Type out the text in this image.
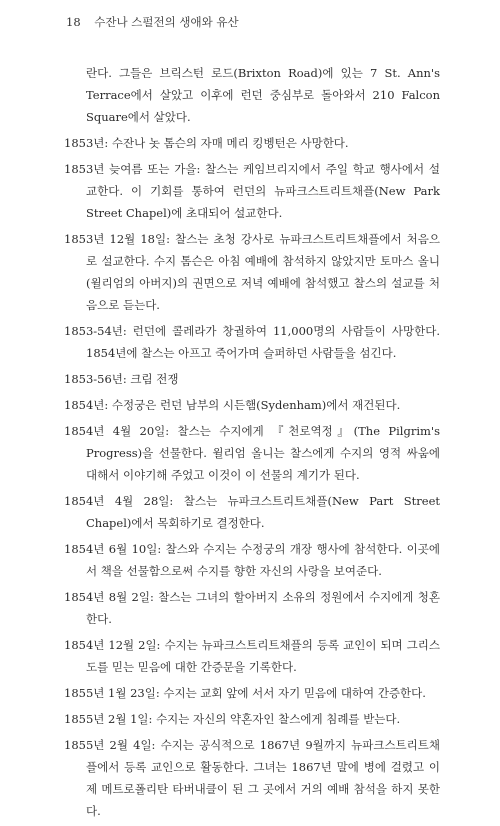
18 수잔나 스펄전의 생애와 유산

란다. 그들은 브릭스턴 로드(Brixton Road)에 있는 7 St. Ann's Terrace에서 살았고 이후에 런던 중심부로 돌아와서 210 Falcon Square에서 살았다.

1853년: 수잔나 놋 톰슨의 자매 메리 킹벵턴은 사망한다.

1853년 늦여름 또는 가을: 찰스는 케임브리지에서 주일 학교 행사에서 설교한다. 이 기회를 통하여 런던의 뉴파크스트리트채플(New Park Street Chapel)에 초대되어 설교한다.

1853년 12월 18일: 찰스는 초청 강사로 뉴파크스트리트채플에서 처음으로 설교한다. 수지 톰슨은 아침 예배에 참석하지 않았지만 토마스 올니(윌리엄의 아버지)의 권면으로 저녁 예배에 참석했고 찰스의 설교를 처음으로 듣는다.

1853-54년: 런던에 콜레라가 창궐하여 11,000명의 사람들이 사망한다. 1854년에 찰스는 아프고 죽어가며 슬퍼하던 사람들을 섬긴다.

1853-56년: 크림 전쟁

1854년: 수정궁은 런던 남부의 시든햄(Sydenham)에서 재건된다.

1854년 4월 20일: 찰스는 수지에게 『천로역정』(The Pilgrim's Progress)을 선물한다. 윌리엄 올니는 찰스에게 수지의 영적 싸움에 대해서 이야기해 주었고 이것이 이 선물의 계기가 된다.

1854년 4월 28일: 찰스는 뉴파크스트리트채플(New Part Street Chapel)에서 목회하기로 결정한다.

1854년 6월 10일: 찰스와 수지는 수정궁의 개장 행사에 참석한다. 이곳에서 책을 선물함으로써 수지를 향한 자신의 사랑을 보여준다.

1854년 8월 2일: 찰스는 그녀의 할아버지 소유의 정원에서 수지에게 청혼한다.

1854년 12월 2일: 수지는 뉴파크스트리트채플의 등록 교인이 되며 그리스도를 믿는 믿음에 대한 간증문을 기록한다.

1855년 1월 23일: 수지는 교회 앞에 서서 자기 믿음에 대하여 간증한다.

1855년 2월 1일: 수지는 자신의 약혼자인 찰스에게 침례를 받는다.

1855년 2월 4일: 수지는 공식적으로 1867년 9월까지 뉴파크스트리트채플에서 등록 교인으로 활동한다. 그녀는 1867년 말에 병에 걸렸고 이제 메트로폴리탄 타버내클이 된 그 곳에서 거의 예배 참석을 하지 못한다.
